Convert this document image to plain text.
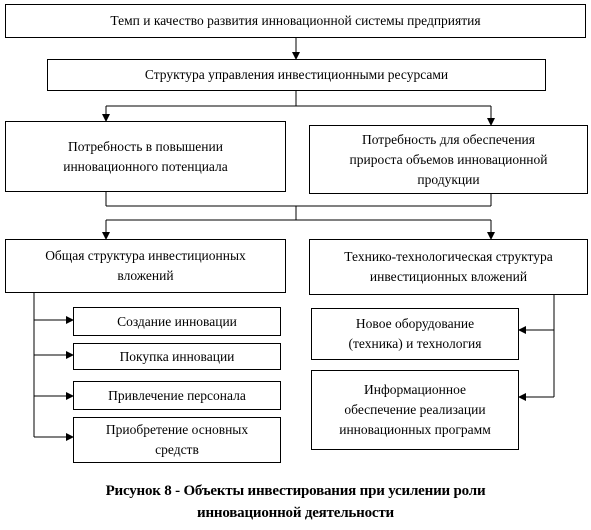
Темп и качество развития инновационной системы предприятия
Структура управления инвестиционными ресурсами
Потребность в повышении
инновационного потенциала
Потребность для обеспечения
прироста объемов инновационной
продукции
Общая структура инвестиционных
вложений
Технико-технологическая структура
инвестиционных вложений
Создание инновации
Покупка инновации
Привлечение персонала
Приобретение основных
средств
Новое оборудование
(техника) и технология
Информационное
обеспечение реализации
инновационных программ
Рисунок 8 - Объекты инвестирования при усилении роли
инновационной деятельности
